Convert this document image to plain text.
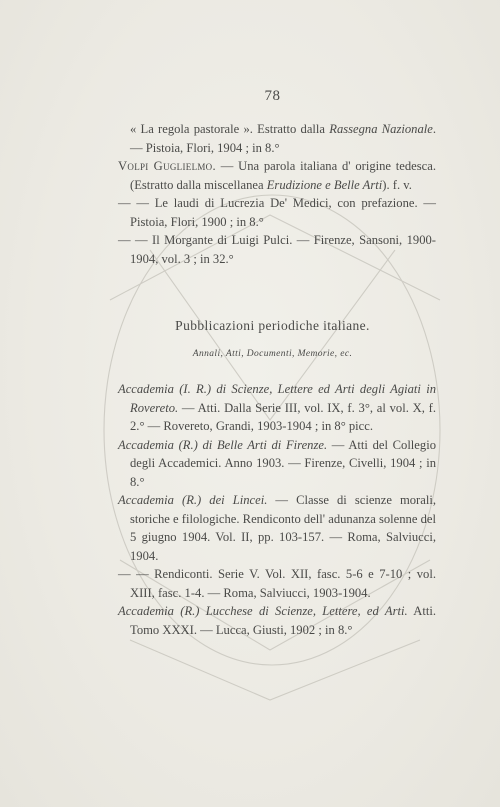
78

« La regola pastorale ». Estratto dalla Rassegna Nazionale. — Pistoia, Flori, 1904 ; in 8.°

Volpi Guglielmo. — Una parola italiana d' origine tedesca. (Estratto dalla miscellanea Erudizione e Belle Arti). f. v.

— — Le laudi di Lucrezia De' Medici, con prefazione. — Pistoia, Flori, 1900 ; in 8.°

— — Il Morgante di Luigi Pulci. — Firenze, Sansoni, 1900-1904, vol. 3 ; in 32.°

Pubblicazioni periodiche italiane.
Annali, Atti, Documenti, Memorie, ec.

Accademia (I. R.) di Scienze, Lettere ed Arti degli Agiati in Rovereto. — Atti. Dalla Serie III, vol. IX, f. 3°, al vol. X, f. 2.° — Rovereto, Grandi, 1903-1904 ; in 8° picc.

Accademia (R.) di Belle Arti di Firenze. — Atti del Collegio degli Accademici. Anno 1903. — Firenze, Civelli, 1904 ; in 8.°

Accademia (R.) dei Lincei. — Classe di scienze morali, storiche e filologiche. Rendiconto dell' adunanza solenne del 5 giugno 1904. Vol. II, pp. 103-157. — Roma, Salviucci, 1904.

— — Rendiconti. Serie V. Vol. XII, fasc. 5-6 e 7-10 ; vol. XIII, fasc. 1-4. — Roma, Salviucci, 1903-1904.

Accademia (R.) Lucchese di Scienze, Lettere, ed Arti. Atti. Tomo XXXI. — Lucca, Giusti, 1902 ; in 8.°
